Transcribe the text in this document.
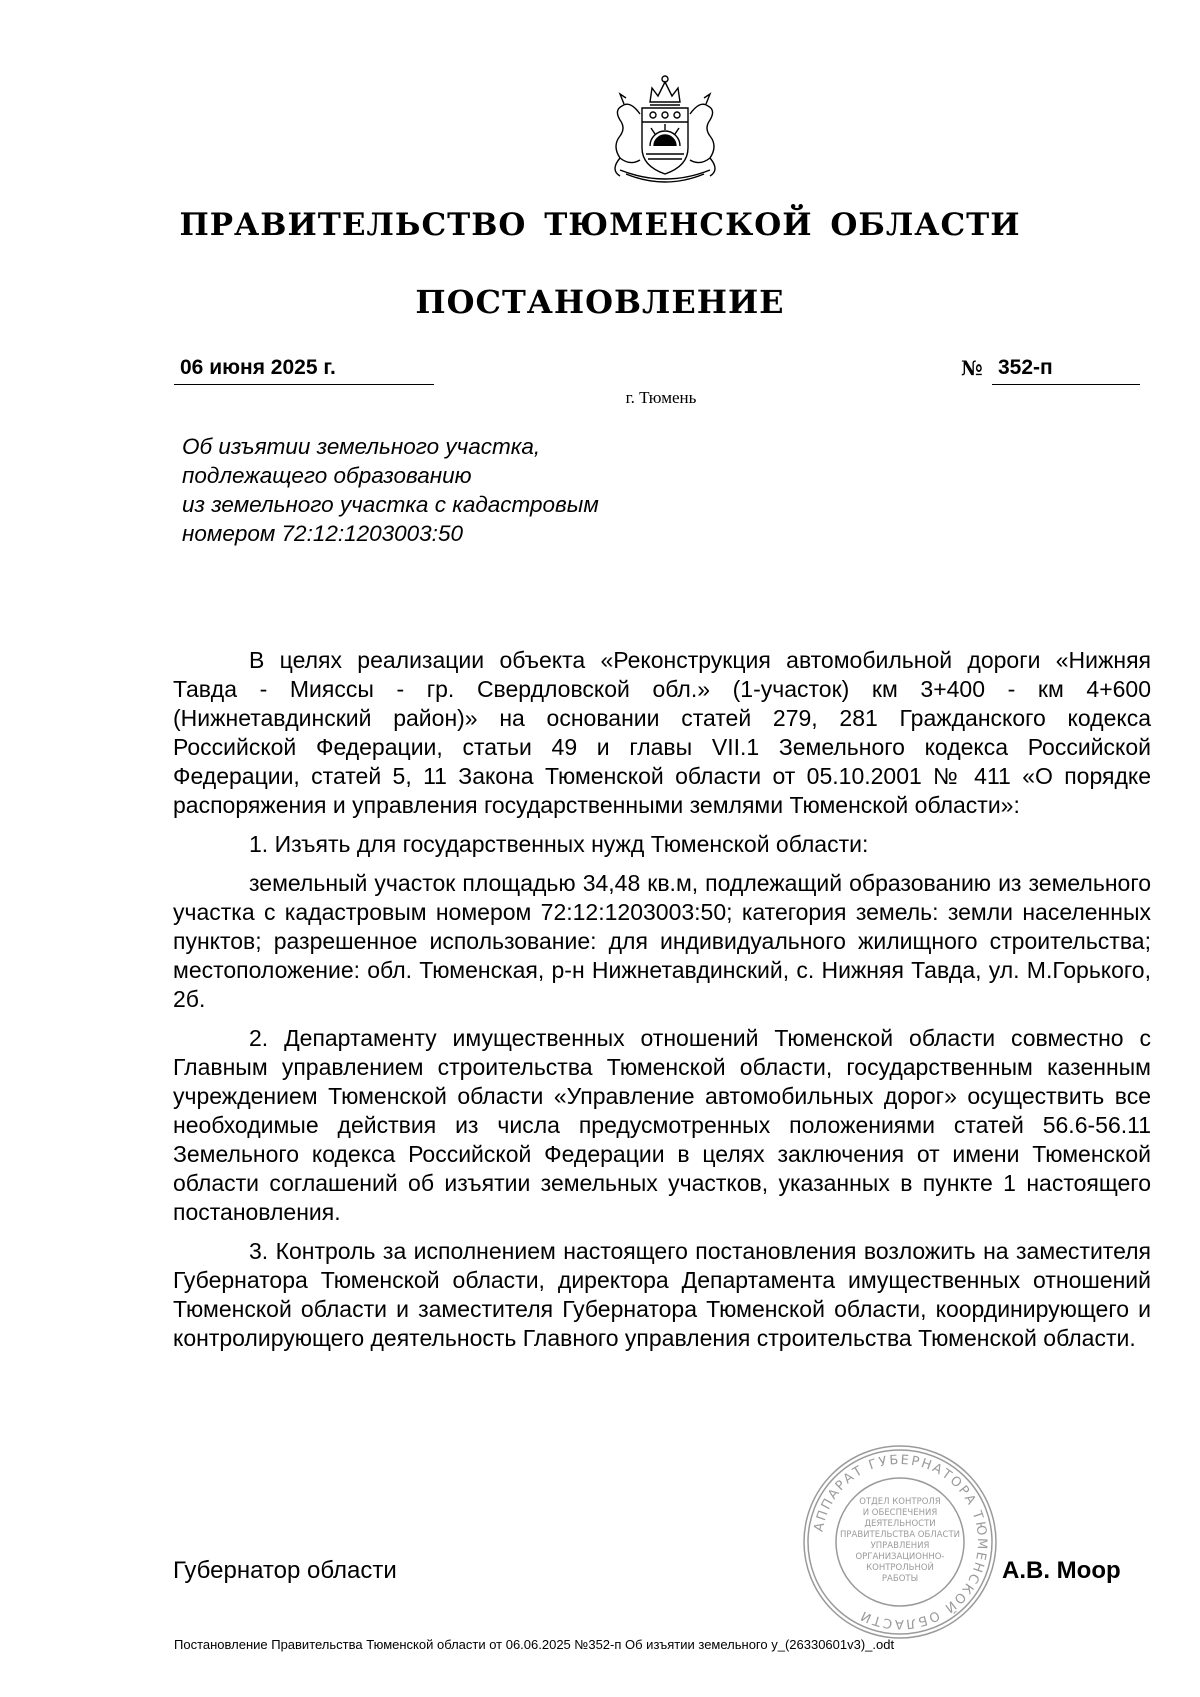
ПРАВИТЕЛЬСТВО ТЮМЕНСКОЙ ОБЛАСТИ
ПОСТАНОВЛЕНИЕ
06 июня 2025 г.	№ 352-п
г. Тюмень
Об изъятии земельного участка,
подлежащего образованию
из земельного участка с кадастровым
номером 72:12:1203003:50

В целях реализации объекта «Реконструкция автомобильной дороги «Нижняя Тавда - Мияссы - гр. Свердловской обл.» (1-участок) км 3+400 - км 4+600 (Нижнетавдинский район)» на основании статей 279, 281 Гражданского кодекса Российской Федерации, статьи 49 и главы VII.1 Земельного кодекса Российской Федерации, статей 5, 11 Закона Тюменской области от 05.10.2001 № 411 «О порядке распоряжения и управления государственными землями Тюменской области»:

1. Изъять для государственных нужд Тюменской области:

земельный участок площадью 34,48 кв.м, подлежащий образованию из земельного участка с кадастровым номером 72:12:1203003:50; категория земель: земли населенных пунктов; разрешенное использование: для индивидуального жилищного строительства; местоположение: обл. Тюменская, р-н Нижнетавдинский, с. Нижняя Тавда, ул. М.Горького, 2б.

2. Департаменту имущественных отношений Тюменской области совместно с Главным управлением строительства Тюменской области, государственным казенным учреждением Тюменской области «Управление автомобильных дорог» осуществить все необходимые действия из числа предусмотренных положениями статей 56.6-56.11 Земельного кодекса Российской Федерации в целях заключения от имени Тюменской области соглашений об изъятии земельных участков, указанных в пункте 1 настоящего постановления.

3. Контроль за исполнением настоящего постановления возложить на заместителя Губернатора Тюменской области, директора Департамента имущественных отношений Тюменской области и заместителя Губернатора Тюменской области, координирующего и контролирующего деятельность Главного управления строительства Тюменской области.

АППАРАТ ГУБЕРНАТОРА ТЮМЕНСКОЙ ОБЛАСТИ
ОТДЕЛ КОНТРОЛЯ
И ОБЕСПЕЧЕНИЯ
ДЕЯТЕЛЬНОСТИ
ПРАВИТЕЛЬСТВА ОБЛАСТИ
УПРАВЛЕНИЯ
ОРГАНИЗАЦИОННО-
КОНТРОЛЬНОЙ
РАБОТЫ
Губернатор области	А.В. Моор
Постановление Правительства Тюменской области от 06.06.2025 №352-п Об изъятии земельного у_(26330601v3)_.odt
